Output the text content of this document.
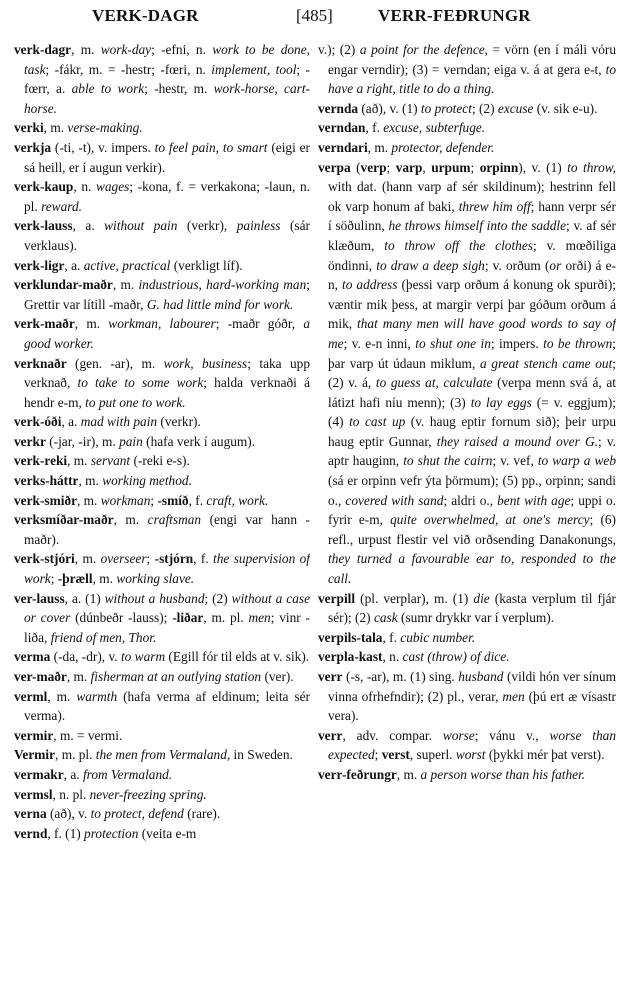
VERK-DAGR	[485]	VERR-FEÐRUNGR

verk-dagr, m. work-day; -efni, n. work to be done, task; -fákr, m. = -hestr; -fœri, n. implement, tool; -fœrr, a. able to work; -hestr, m. work-horse, cart-horse.

verki, m. verse-making.

verkja (-ti, -t), v. impers. to feel pain, to smart (eigi er sá heill, er í augun verkir).

verk-kaup, n. wages; -kona, f. = verkakona; -laun, n. pl. reward.

verk-lauss, a. without pain (verkr), painless (sár verklaus).

verk-ligr, a. active, practical (verkligt líf).

verklundar-maðr, m. industrious, hard-working man; Grettir var lítill -maðr, G. had little mind for work.

verk-maðr, m. workman, labourer; -maðr góðr, a good worker.

verknaðr (gen. -ar), m. work, business; taka upp verknað, to take to some work; halda verknaði á hendr e-m, to put one to work.

verk-óði, a. mad with pain (verkr).

verkr (-jar, -ir), m. pain (hafa verk í augum).

verk-reki, m. servant (-reki e-s).

verks-háttr, m. working method.

verk-smiðr, m. workman; -smíð, f. craft, work.

verksmíðar-maðr, m. craftsman (engi var hann -maðr).

verk-stjóri, m. overseer; -stjórn, f. the supervision of work; -þræll, m. working slave.

ver-lauss, a. (1) without a husband; (2) without a case or cover (dúnbeðr -lauss); -liðar, m. pl. men; vinr -liða, friend of men, Thor.

verma (-da, -dr), v. to warm (Egill fór til elds at v. sik).

ver-maðr, m. fisherman at an outlying station (ver).

verml, m. warmth (hafa verma af eldinum; leita sér verma).

vermir, m. = vermi.

Vermir, m. pl. the men from Vermaland, in Sweden.

vermakr, a. from Vermaland.

vermsl, n. pl. never-freezing spring.

verna (að), v. to protect, defend (rare).

vernd, f. (1) protection (veita e-m

v.); (2) a point for the defence, = vörn (en í máli vóru engar verndir); (3) = verndan; eiga v. á at gera e-t, to have a right, title to do a thing.

vernda (að), v. (1) to protect; (2) excuse (v. sik e-u).

verndan, f. excuse, subterfuge.

verndari, m. protector, defender.

verpa (verp; varp, urpum; orpinn), v. (1) to throw, with dat. (hann varp af sér skildinum); hestrinn fell ok varp honum af baki, threw him off; hann verpr sér í söðulinn, he throws himself into the saddle; v. af sér klæðum, to throw off the clothes; v. mœðiliga öndinni, to draw a deep sigh; v. orðum (or orði) á e-n, to address (þessi varp orðum á konung ok spurði); væntir mik þess, at margir verpi þar góðum orðum á mik, that many men will have good words to say of me; v. e-n inni, to shut one in; impers. to be thrown; þar varp út údaun miklum, a great stench came out; (2) v. á, to guess at, calculate (verpa menn svá á, at látizt hafi níu menn); (3) to lay eggs (= v. eggjum); (4) to cast up (v. haug eptir fornum sið); þeir urpu haug eptir Gunnar, they raised a mound over G.; v. aptr hauginn, to shut the cairn; v. vef, to warp a web (sá er orpinn vefr ýta þörmum); (5) pp., orpinn; sandi o., covered with sand; aldri o., bent with age; uppi o. fyrir e-m, quite overwhelmed, at one's mercy; (6) refl., urpust flestir vel við orðsending Danakonungs, they turned a favourable ear to, responded to the call.

verpill (pl. verplar), m. (1) die (kasta verplum til fjár sér); (2) cask (sumr drykkr var í verplum).

verpils-tala, f. cubic number.

verpla-kast, n. cast (throw) of dice.

verr (-s, -ar), m. (1) sing. husband (vildi hón ver sínum vinna ofrhefndir); (2) pl., verar, men (þú ert æ vísastr vera).

verr, adv. compar. worse; vánu v., worse than expected; verst, superl. worst (þykki mér þat verst).

verr-feðrungr, m. a person worse than his father.
